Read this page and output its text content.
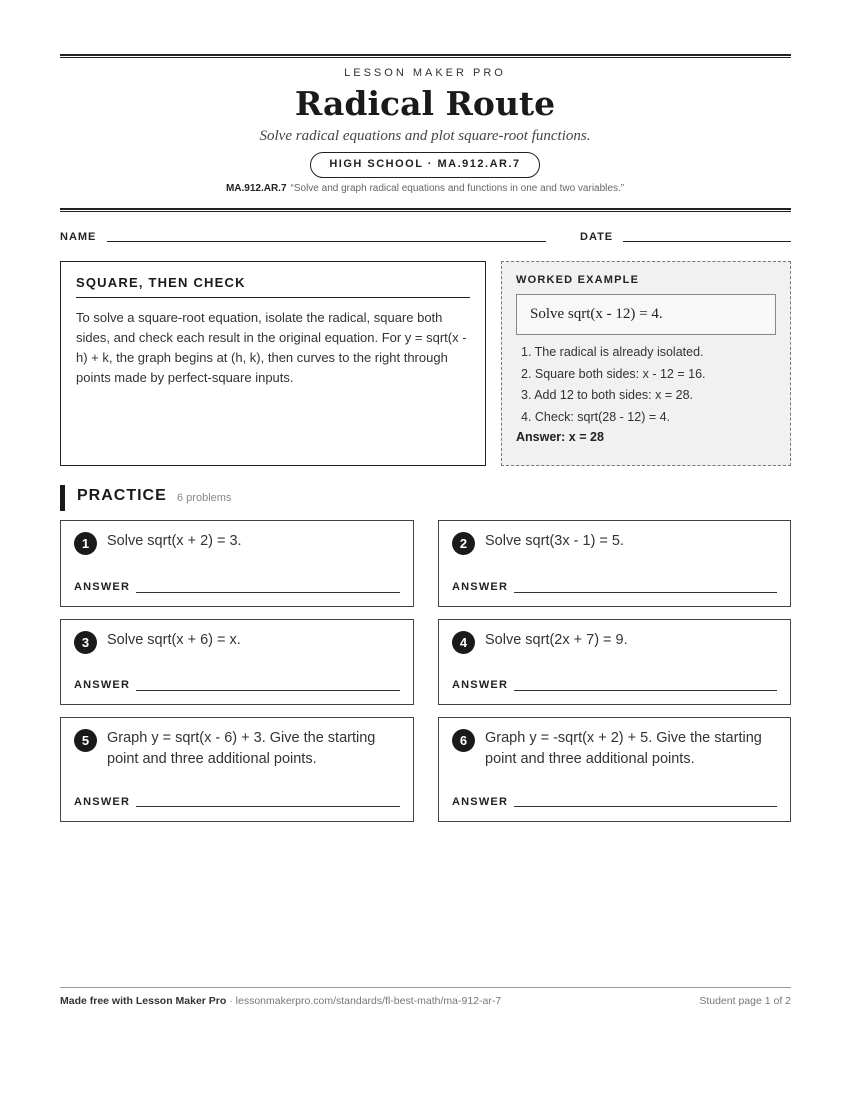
LESSON MAKER PRO
Radical Route
Solve radical equations and plot square-root functions.
HIGH SCHOOL · MA.912.AR.7
MA.912.AR.7 “Solve and graph radical equations and functions in one and two variables.”
NAME	DATE
SQUARE, THEN CHECK

To solve a square-root equation, isolate the radical, square both sides, and check each result in the original equation. For y = sqrt(x - h) + k, the graph begins at (h, k), then curves to the right through points made by perfect-square inputs.

WORKED EXAMPLE
Solve sqrt(x - 12) = 4.
1. The radical is already isolated.
2. Square both sides: x - 12 = 16.
3. Add 12 to both sides: x = 28.
4. Check: sqrt(28 - 12) = 4.
Answer: x = 28
PRACTICE 6 problems
1	Solve sqrt(x + 2) = 3.
ANSWER
2	Solve sqrt(3x - 1) = 5.
ANSWER
3	Solve sqrt(x + 6) = x.
ANSWER
4	Solve sqrt(2x + 7) = 9.
ANSWER
5	Graph y = sqrt(x - 6) + 3. Give the starting point and three additional points.
ANSWER
6	Graph y = -sqrt(x + 2) + 5. Give the starting point and three additional points.
ANSWER
Made free with Lesson Maker Pro · lessonmakerpro.com/standards/fl-best-math/ma-912-ar-7	Student page 1 of 2
